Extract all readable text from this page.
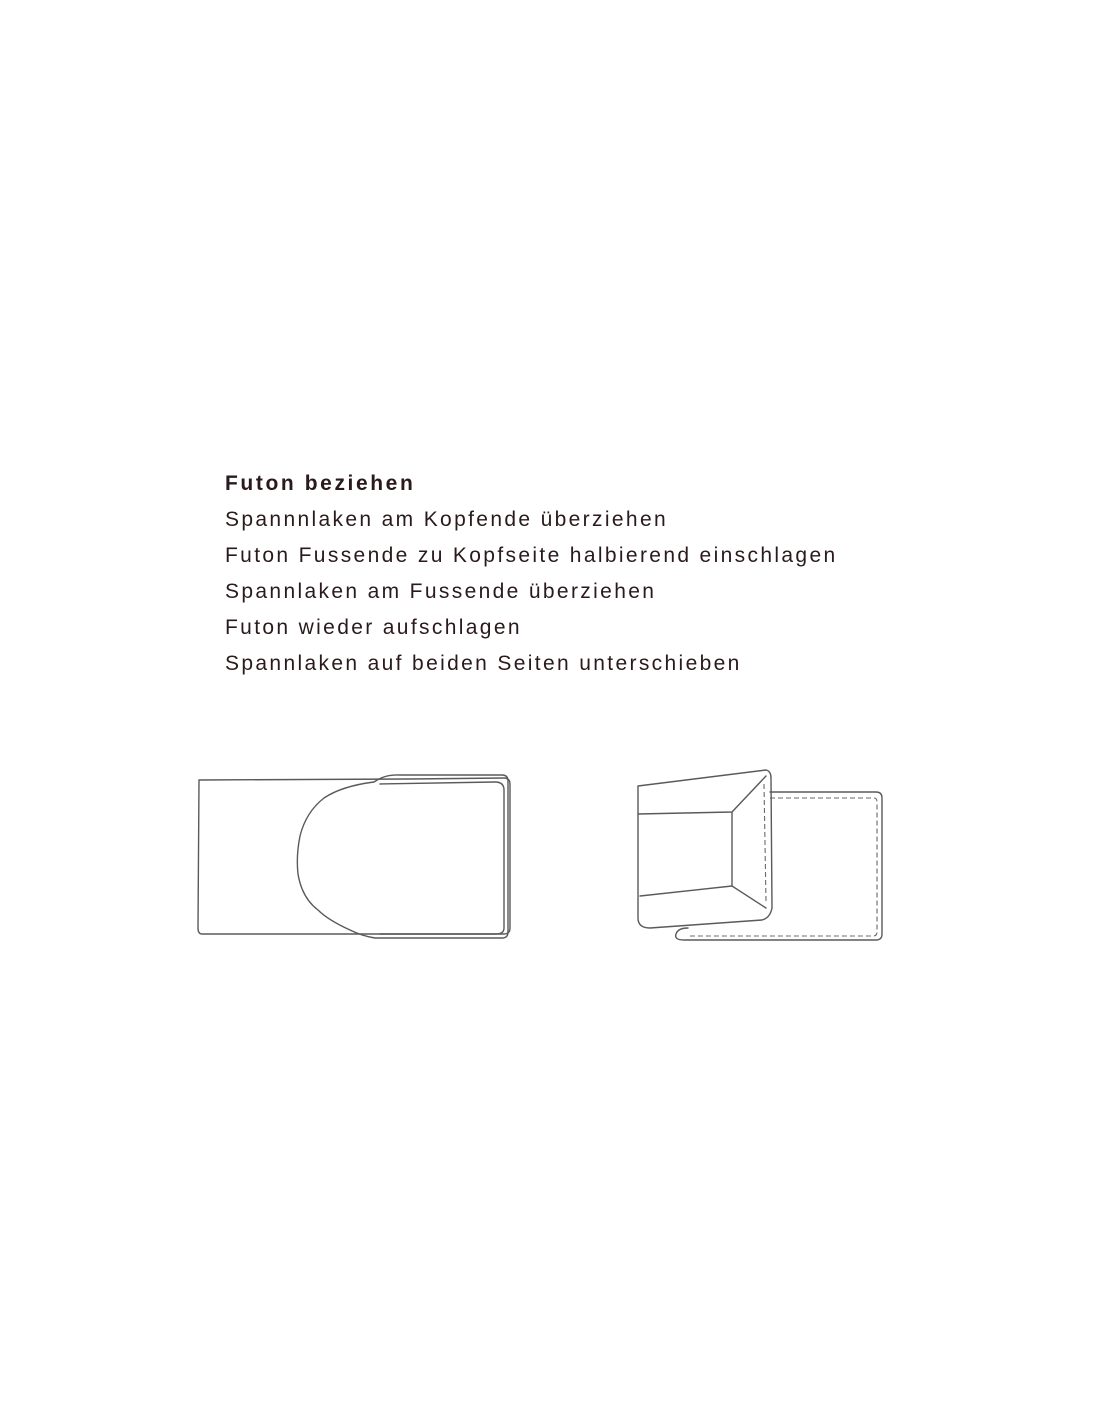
Futon beziehen
Spannnlaken am Kopfende überziehen
Futon Fussende zu Kopfseite halbierend einschlagen
Spannlaken am Fussende überziehen
Futon wieder aufschlagen
Spannlaken auf beiden Seiten unterschieben
